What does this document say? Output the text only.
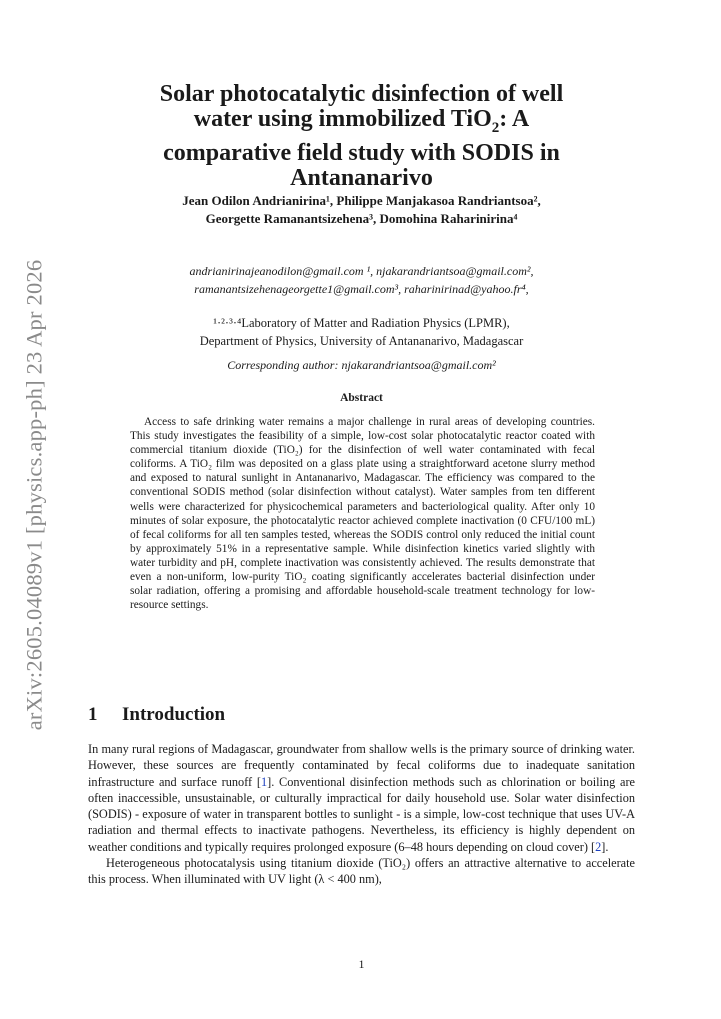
arXiv:2605.04089v1 [physics.app-ph] 23 Apr 2026
Solar photocatalytic disinfection of well
water using immobilized TiO$_2$: A
comparative field study with SODIS in
Antananarivo
Jean Odilon Andrianirina¹, Philippe Manjakasoa Randriantsoa²,
Georgette Ramanantsizehena³, Domohina Raharinirina⁴
andrianirinajeanodilon@gmail.com ¹, njakarandriantsoa@gmail.com²,
ramanantsizehenageorgette1@gmail.com³, raharinirinad@yahoo.fr⁴,
¹·²·³·⁴Laboratory of Matter and Radiation Physics (LPMR),
Department of Physics, University of Antananarivo, Madagascar
Corresponding author: njakarandriantsoa@gmail.com²
Abstract

Access to safe drinking water remains a major challenge in rural areas of developing countries. This study investigates the feasibility of a simple, low-cost solar photocatalytic reactor coated with commercial titanium dioxide (TiO₂) for the disinfection of well water contaminated with fecal coliforms. A TiO₂ film was deposited on a glass plate using a straightforward acetone slurry method and exposed to natural sunlight in Antananarivo, Madagascar. The efficiency was compared to the conventional SODIS method (solar disinfection without catalyst). Water samples from ten different wells were characterized for physicochemical parameters and bacteriological quality. After only 10 minutes of solar exposure, the photocatalytic reactor achieved complete inactivation (0 CFU/100 mL) of fecal coliforms for all ten samples tested, whereas the SODIS control only reduced the initial count by approximately 51% in a representative sample. While disinfection kinetics varied slightly with water turbidity and pH, complete inactivation was consistently achieved. The results demonstrate that even a non-uniform, low-purity TiO₂ coating significantly accelerates bacterial disinfection under solar radiation, offering a promising and affordable household-scale treatment technology for low-resource settings.

1 Introduction

In many rural regions of Madagascar, groundwater from shallow wells is the primary source of drinking water. However, these sources are frequently contaminated by fecal coliforms due to inadequate sanitation infrastructure and surface runoff [1]. Conventional disinfection methods such as chlorination or boiling are often inaccessible, unsustainable, or culturally impractical for daily household use. Solar water disinfection (SODIS) - exposure of water in transparent bottles to sunlight - is a simple, low-cost technique that uses UV-A radiation and thermal effects to inactivate pathogens. Nevertheless, its efficiency is highly dependent on weather conditions and typically requires prolonged exposure (6–48 hours depending on cloud cover) [2].

Heterogeneous photocatalysis using titanium dioxide (TiO₂) offers an attractive alternative to accelerate this process. When illuminated with UV light (λ < 400 nm),

1
